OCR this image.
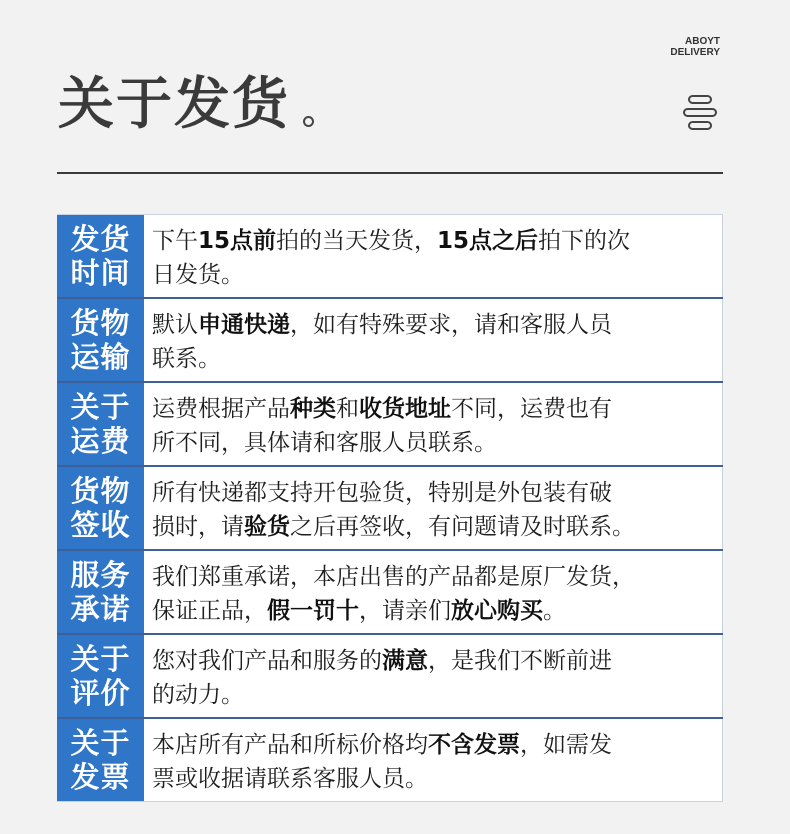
ABOYT
DELIVERY
关于发货
发货
时间
下午15点前拍的当天发货，15点之后拍下的次
日发货。
货物
运输
默认申通快递，如有特殊要求，请和客服人员
联系。
关于
运费
运费根据产品种类和收货地址不同，运费也有
所不同，具体请和客服人员联系。
货物
签收
所有快递都支持开包验货，特别是外包装有破
损时，请验货之后再签收，有问题请及时联系。
服务
承诺
我们郑重承诺，本店出售的产品都是原厂发货，
保证正品，假一罚十，请亲们放心购买。
关于
评价
您对我们产品和服务的满意，是我们不断前进
的动力。
关于
发票
本店所有产品和所标价格均不含发票，如需发
票或收据请联系客服人员。
